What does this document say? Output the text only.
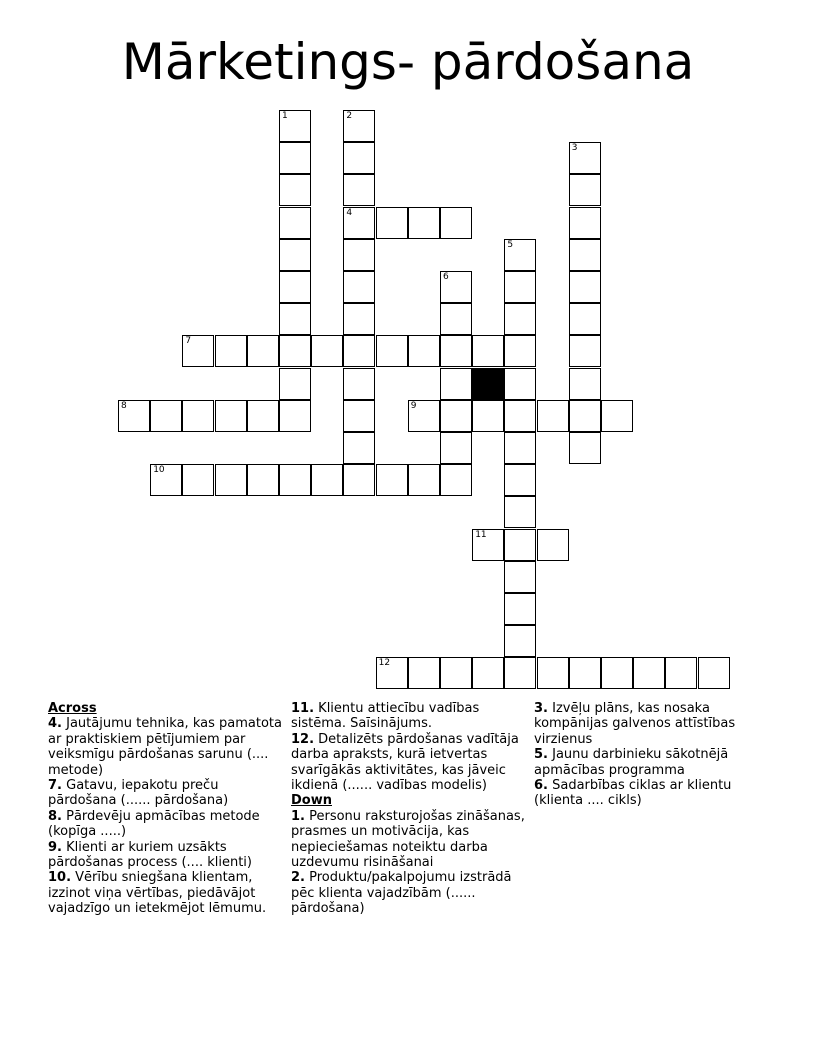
Mārketings- pārdošana
1	2
3
4
5
6
7
8	9
10
11
12
Across
4. Jautājumu tehnika, kas pamatota ar praktiskiem pētījumiem par veiksmīgu pārdošanas sarunu (.... metode)
7. Gatavu, iepakotu preču pārdošana (...... pārdošana)
8. Pārdevēju apmācības metode (kopīga .....)
9. Klienti ar kuriem uzsākts pārdošanas process (.... klienti)
10. Vērību sniegšana klientam, izzinot viņa vērtības, piedāvājot vajadzīgo un ietekmējot lēmumu.
11. Klientu attiecību vadības sistēma. Saīsinājums.
12. Detalizēts pārdošanas vadītāja darba apraksts, kurā ietvertas svarīgākās aktivitātes, kas jāveic ikdienā (...... vadības modelis)
Down
1. Personu raksturojošas zināšanas, prasmes un motivācija, kas nepieciešamas noteiktu darba uzdevumu risināšanai
2. Produktu/pakalpojumu izstrādā pēc klienta vajadzībām (...... pārdošana)
3. Izvēļu plāns, kas nosaka kompānijas galvenos attīstības virzienus
5. Jaunu darbinieku sākotnējā apmācības programma
6. Sadarbības ciklas ar klientu (klienta .... cikls)
